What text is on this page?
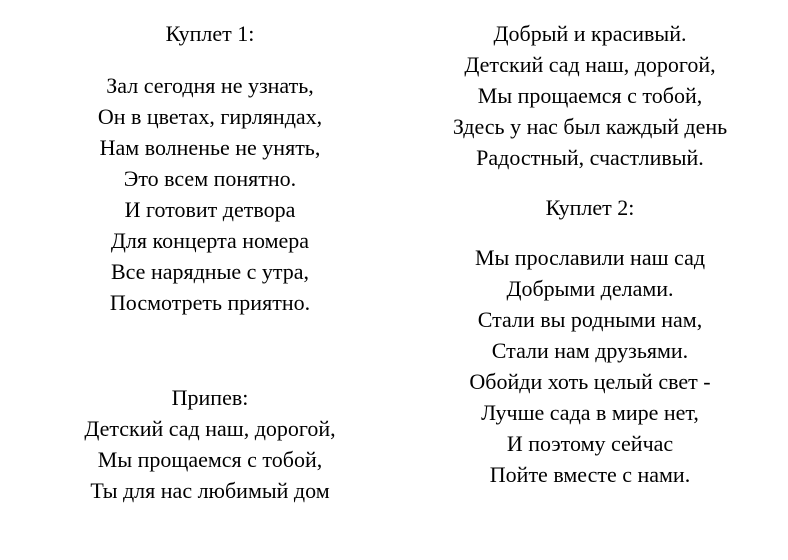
Куплет 1:
Зал сегодня не узнать,
Он в цветах, гирляндах,
Нам волненье не унять,
Это всем понятно.
И готовит детвора
Для концерта номера
Все нарядные с утра,
Посмотреть приятно.
Припев:
Детский сад наш, дорогой,
Мы прощаемся с тобой,
Ты для нас любимый дом
Добрый и красивый.
Детский сад наш, дорогой,
Мы прощаемся с тобой,
Здесь у нас был каждый день
Радостный, счастливый.
Куплет 2:
Мы прославили наш сад
Добрыми делами.
Стали вы родными нам,
Стали нам друзьями.
Обойди хоть целый свет -
Лучше сада в мире нет,
И поэтому сейчас
Пойте вместе с нами.
